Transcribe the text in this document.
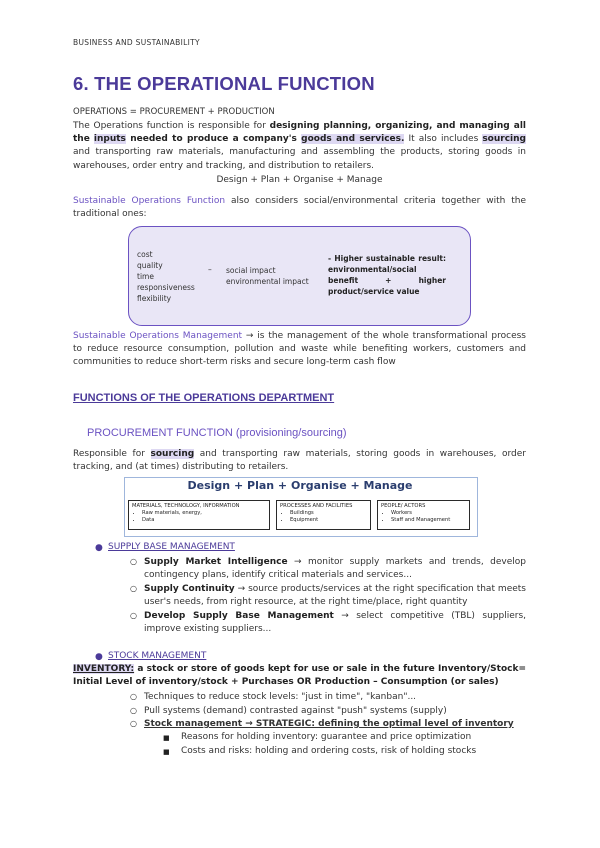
BUSINESS AND SUSTAINABILITY
6. THE OPERATIONAL FUNCTION
OPERATIONS = PROCUREMENT + PRODUCTION
The Operations function is responsible for designing planning, organizing, and managing all the inputs needed to produce a company's goods and services. It also includes sourcing and transporting raw materials, manufacturing and assembling the products, storing goods in warehouses, order entry and tracking, and distribution to retailers.
Design + Plan + Organise + Manage
Sustainable Operations Function also considers social/environmental criteria together with the traditional ones:
cost
quality
time
responsiveness
flexibility
– social impact
environmental impact
- Higher sustainable result: environmental/social benefit + higher product/service value
Sustainable Operations Management → is the management of the whole transformational process to reduce resource consumption, pollution and waste while benefiting workers, customers and communities to reduce short-term risks and secure long-term cash flow
FUNCTIONS OF THE OPERATIONS DEPARTMENT
PROCUREMENT FUNCTION (provisioning/sourcing)
Responsible for sourcing and transporting raw materials, storing goods in warehouses, order tracking, and (at times) distributing to retailers.
Design + Plan + Organise + Manage
MATERIALS, TECHNOLOGY, INFORMATION
• Raw materials, energy,
• Data
PROCESSES AND FACILITIES
• Buildings
• Equipment
PEOPLE/ ACTORS
• Workers
• Staff and Management
● SUPPLY BASE MANAGEMENT
○ Supply Market Intelligence → monitor supply markets and trends, develop contingency plans, identify critical materials and services...
○ Supply Continuity → source products/services at the right specification that meets user's needs, from right resource, at the right time/place, right quantity
○ Develop Supply Base Management → select competitive (TBL) suppliers, improve existing suppliers...
● STOCK MANAGEMENT
INVENTORY: a stock or store of goods kept for use or sale in the future Inventory/Stock= Initial Level of inventory/stock + Purchases OR Production – Consumption (or sales)
○ Techniques to reduce stock levels: "just in time", "kanban"...
○ Pull systems (demand) contrasted against "push" systems (supply)
○ Stock management → STRATEGIC: defining the optimal level of inventory
■ Reasons for holding inventory: guarantee and price optimization
■ Costs and risks: holding and ordering costs, risk of holding stocks
